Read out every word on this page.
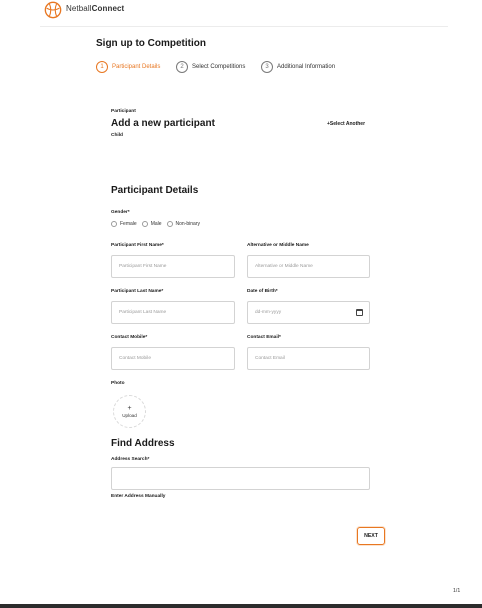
NetballConnect
Sign up to Competition
1	Participant Details	2	Select Competitions	3	Additional Information
Participant
Add a new participant	+Select Another
Child
Participant Details
Gender*
Female	Male	Non-binary
Participant First Name*
Participant First Name
Alternative or Middle Name
Alternative or Middle Name
Participant Last Name*
Participant Last Name
Date of Birth*
dd-mm-yyyy
Contact Mobile*
Contact Mobile
Contact Email*
Contact Email
Photo
+
Upload
Find Address
Address Search*
Enter Address Manually
NEXT
1/1
